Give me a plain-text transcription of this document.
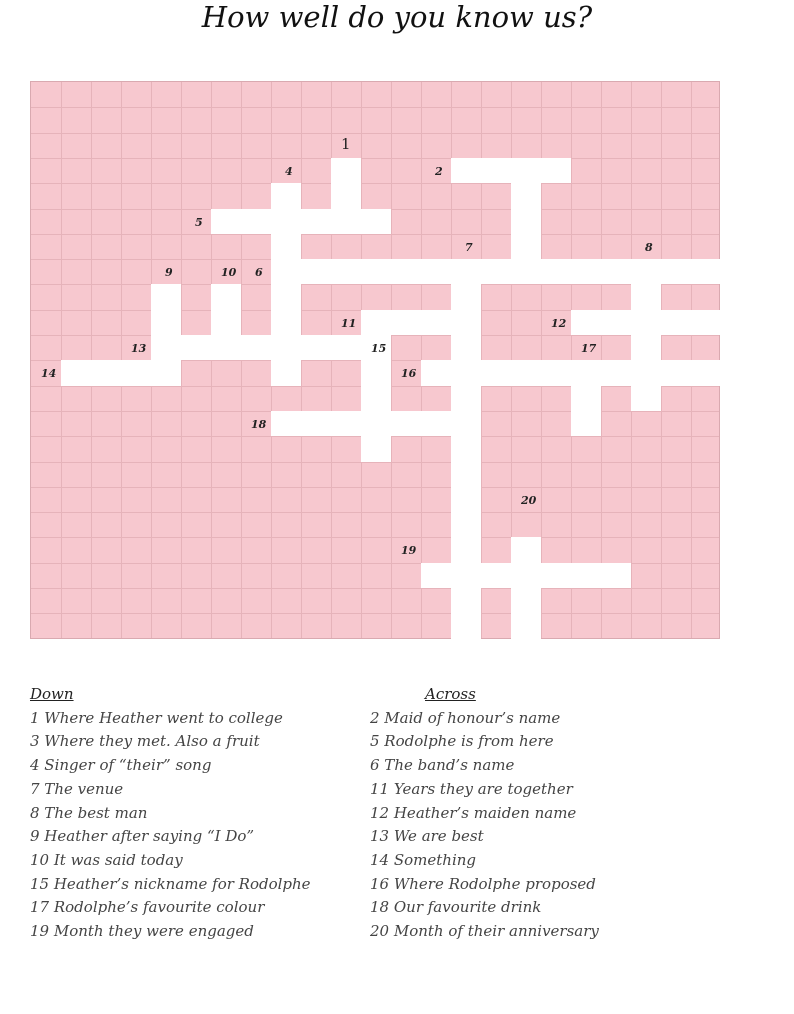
How well do you know us?
1
2
4
5
7	8
9	10 6
11	12
13	15	17
14	16
18
20
19
Down
1 Where Heather went to college
3 Where they met. Also a fruit
4 Singer of “their” song
7 The venue
8 The best man
9 Heather after saying “I Do”
10 It was said today
15 Heather’s nickname for Rodolphe
17 Rodolphe’s favourite colour
19 Month they were engaged
Across
2 Maid of honour’s name
5 Rodolphe is from here
6 The band’s name
11 Years they are together
12 Heather’s maiden name
13 We are best
14 Something
16 Where Rodolphe proposed
18 Our favourite drink
20 Month of their anniversary
